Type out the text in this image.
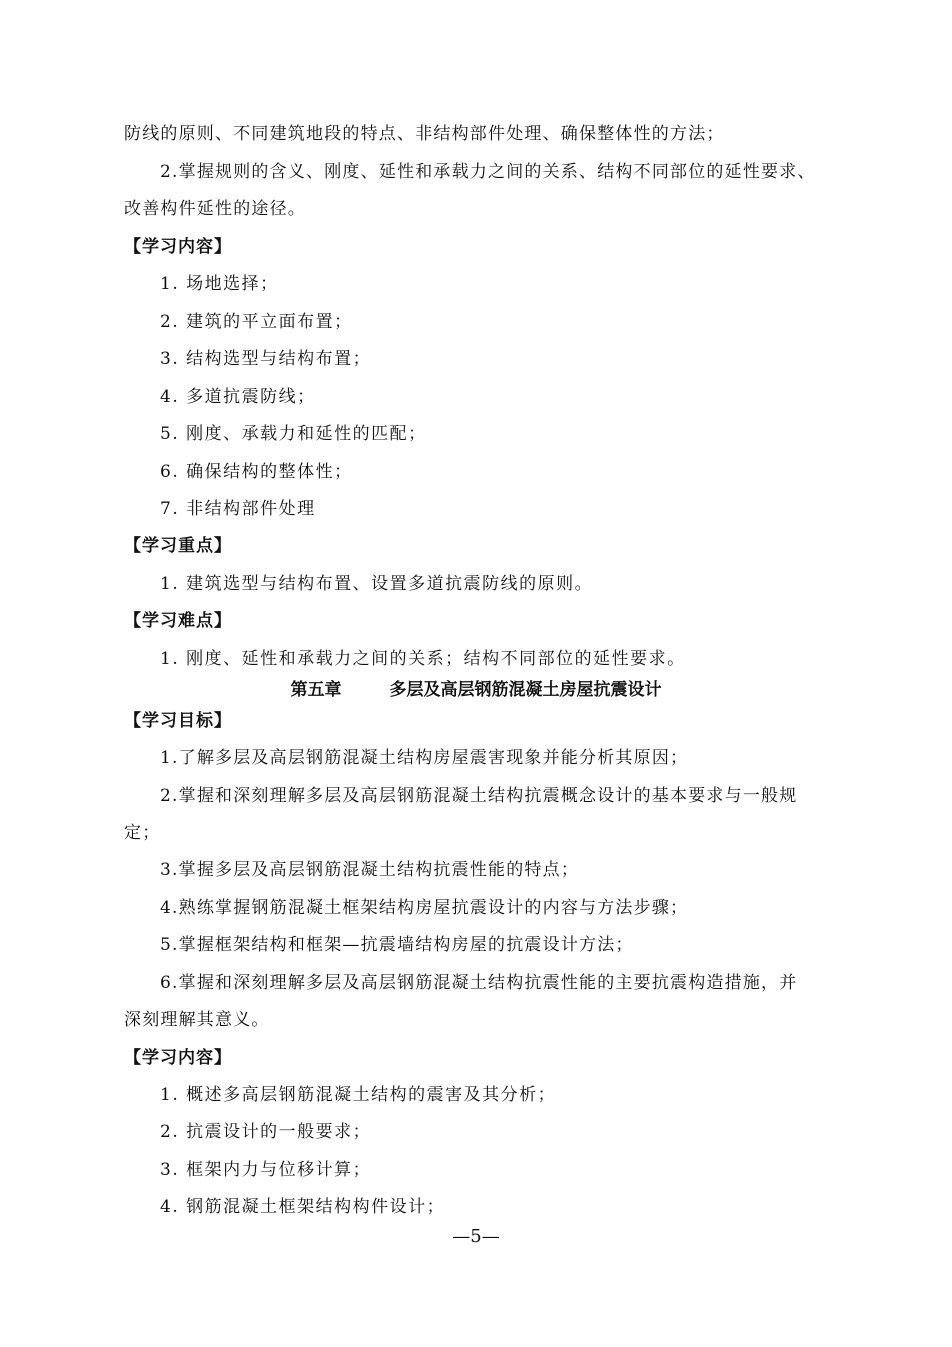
防线的原则、不同建筑地段的特点、非结构部件处理、确保整体性的方法；
2.掌握规则的含义、刚度、延性和承载力之间的关系、结构不同部位的延性要求、
改善构件延性的途径。
【学习内容】
1. 场地选择；
2. 建筑的平立面布置；
3. 结构选型与结构布置；
4. 多道抗震防线；
5. 刚度、承载力和延性的匹配；
6. 确保结构的整体性；
7. 非结构部件处理
【学习重点】
1. 建筑选型与结构布置、设置多道抗震防线的原则。
【学习难点】
1. 刚度、延性和承载力之间的关系；结构不同部位的延性要求。
第五章	多层及高层钢筋混凝土房屋抗震设计
【学习目标】
1.了解多层及高层钢筋混凝土结构房屋震害现象并能分析其原因；
2.掌握和深刻理解多层及高层钢筋混凝土结构抗震概念设计的基本要求与一般规
定；
3.掌握多层及高层钢筋混凝土结构抗震性能的特点；
4.熟练掌握钢筋混凝土框架结构房屋抗震设计的内容与方法步骤；
5.掌握框架结构和框架—抗震墙结构房屋的抗震设计方法；
6.掌握和深刻理解多层及高层钢筋混凝土结构抗震性能的主要抗震构造措施，并
深刻理解其意义。
【学习内容】
1. 概述多高层钢筋混凝土结构的震害及其分析；
2. 抗震设计的一般要求；
3. 框架内力与位移计算；
4. 钢筋混凝土框架结构构件设计；
—5—
